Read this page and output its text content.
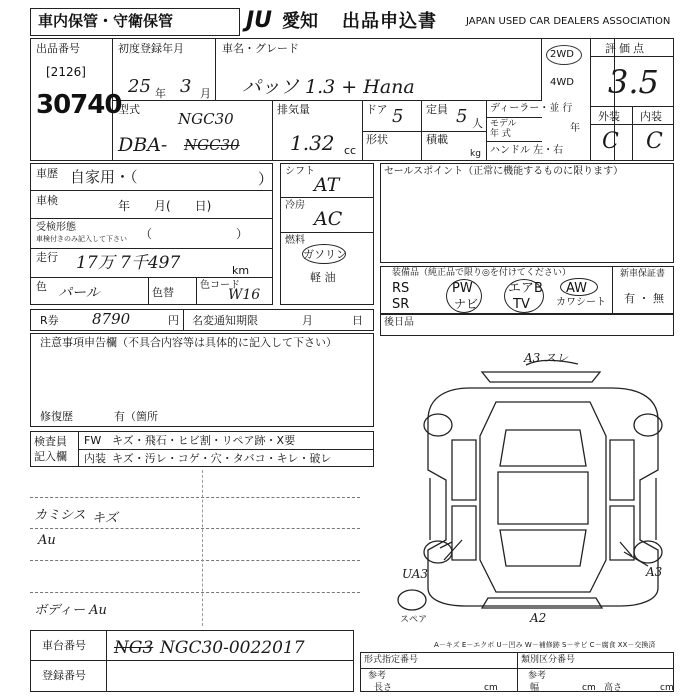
車内保管・守衛保管	JU 愛知 出品申込書	JAPAN USED CAR DEALERS ASSOCIATION
出品番号
[2126]
30740
初度登録年月
25 年 3 月
車名・グレード
パッソ 1.3 + Hana
2WD
4WD
型式
NGC30
DBA- NGC30
排気量
1.32 cc
ドア 5
形状
定員 5 人
積載
kg
ディーラー・並 行
モデル
年 式	年
ハンドル 左・右
評価点
3.5
外装 内装
C C
車歴 自家用・（	）
車検	年　　月(　　日)
受検形態
車検付きのみ記入して下さい （　　　　　　　）
走行 17万 7千497	km
色 パール	色替
色コード
W16
シフト
AT
冷房
AC
燃料
ガソリン
軽 油
セールスポイント（正常に機能するものに限ります）
装備品（純正品で限り◎を付けてください）
RS	PW	エアB AW
SR	ナビ	TV	カワシート
新車保証書
有 ・ 無
R券 8790	円 名変通知期限	月	日 後日品
注意事項申告欄（不具合内容等は具体的に記入して下さい）
修復歴	有（箇所
検査員
記入欄
FW キズ・飛石・ヒビ割・リペア跡・X要
内装 キズ・汚レ・コゲ・穴・タバコ・キレ・破レ
カミシス キズ
Au
ボディー Au
A3 スレ
UA3	A3
A2
スペア
A－キズ E－エクボ U－凹み W－補修跡 S－サビ C－腐食 XX－交換済
車台番号 NG3 NGC30-0022017
登録番号
形式指定番号	類別区分番号
参考
長さ	cm
参考
幅	cm 高さ	cm
